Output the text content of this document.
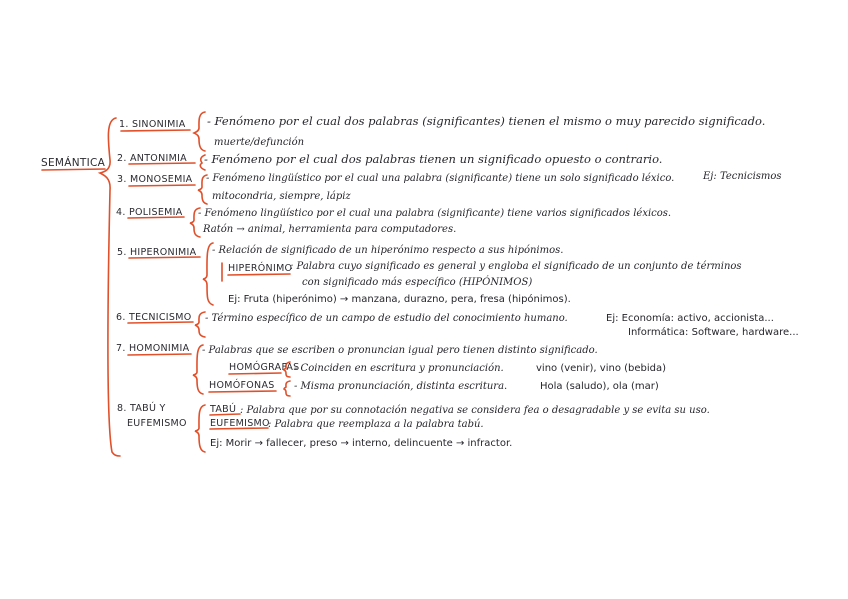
SEMÁNTICA
1. SINONIMIA - Fenómeno por el cual dos palabras (significantes) tienen el mismo o muy parecido significado.
muerte/defunción
2. ANTONIMIA - Fenómeno por el cual dos palabras tienen un significado opuesto o contrario.
3. MONOSEMIA - Fenómeno lingüístico por el cual una palabra (significante) tiene un solo significado léxico.	Ej: Tecnicismos
mitocondria, siempre, lápiz
4. POLISEMIA - Fenómeno lingüístico por el cual una palabra (significante) tiene varios significados léxicos.
Ratón → animal, herramienta para computadores.
5. HIPERONIMIA - Relación de significado de un hiperónimo respecto a sus hipónimos.
HIPERÓNIMO
: Palabra cuyo significado es general y engloba el significado de un conjunto de términos
con significado más específico (HIPÓNIMOS)
Ej: Fruta (hiperónimo) → manzana, durazno, pera, fresa (hipónimos).
6. TECNICISMO - Término específico de un campo de estudio del conocimiento humano.	Ej: Economía: activo, accionista...
Informática: Software, hardware...
7. HOMONIMIA - Palabras que se escriben o pronuncian igual pero tienen distinto significado.
HOMÓGRAFAS
- Coinciden en escritura y pronunciación.	vino (venir), vino (bebida)
HOMÓFONAS - Misma pronunciación, distinta escritura.	Hola (saludo), ola (mar)
8. TABÚ Y
EUFEMISMO
TABÚ : Palabra que por su connotación negativa se considera fea o desagradable y se evita su uso.
EUFEMISMO
: Palabra que reemplaza a la palabra tabú.
Ej: Morir → fallecer, preso → interno, delincuente → infractor.
